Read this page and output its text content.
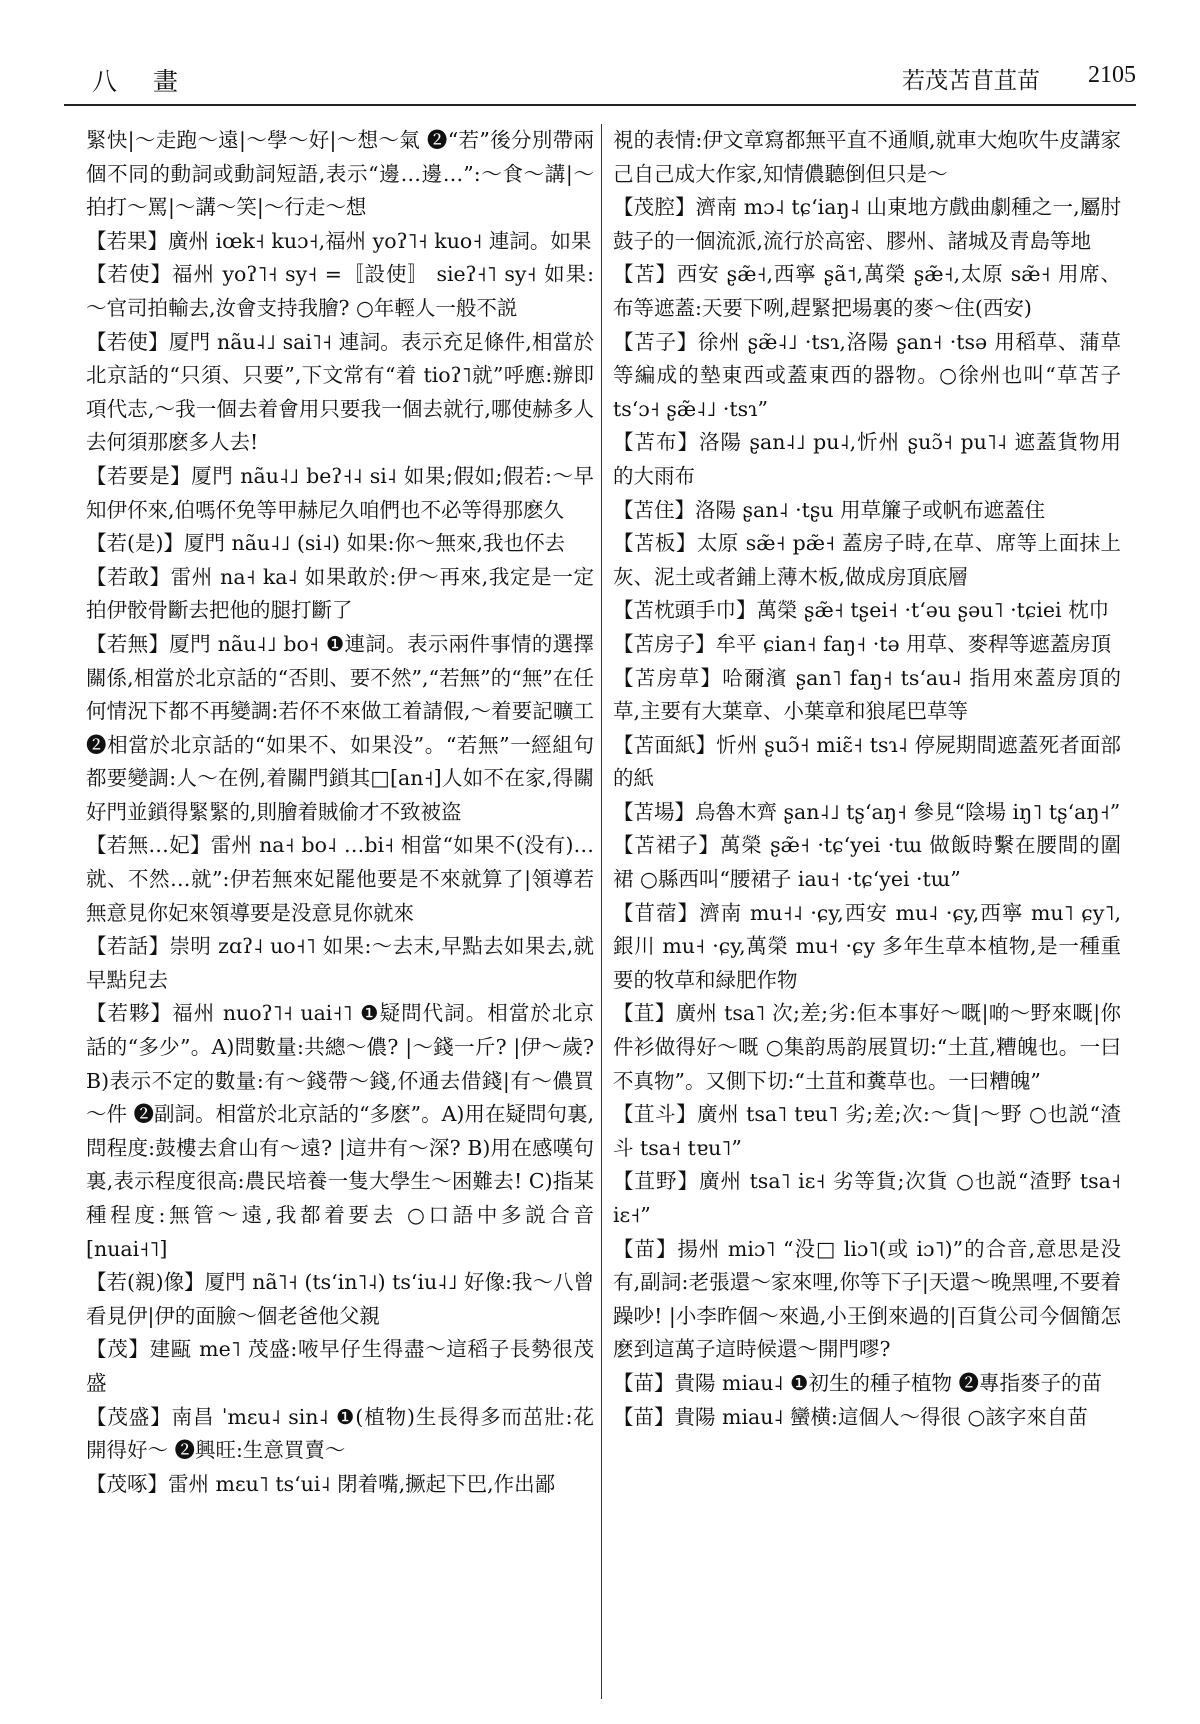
八 畫	若茂苫苜苴苗 2105
緊快|～走跑～遠|～學～好|～想～氣 ❷“若”後分別帶兩個不同的動詞或動詞短語,表示“邊…邊…”:～食～講|～拍打～罵|～講～笑|～行走～想
【若果】廣州 iœk˧ kuɔ˧,福州 yoʔ˥˧ kuo˧ 連詞。如果
【若使】福州 yoʔ˥˧ sy˧ =〚設使〛 sieʔ˧˥ sy˧ 如果:～官司拍輸去,汝會支持我膾? ○年輕人一般不説
【若使】厦門 nãu˨˩ sai˥˧ 連詞。表示充足條件,相當於北京話的“只須、只要”,下文常有“着 tioʔ˥就”呼應:辦即項代志,～我一個去着會用只要我一個去就行,哪使赫多人去何須那麽多人去!
【若要是】厦門 nãu˨˩ beʔ˧˨ si˨ 如果;假如;假若:～早知伊伓來,伯嗎伓免等甲赫尼久咱們也不必等得那麽久
【若(是)】厦門 nãu˨˩ (si˨) 如果:你～無來,我也伓去
【若敢】雷州 na˧ ka˨ 如果敢於:伊～再來,我定是一定拍伊骹骨斷去把他的腿打斷了
【若無】厦門 nãu˨˩ bo˧ ❶連詞。表示兩件事情的選擇關係,相當於北京話的“否則、要不然”,“若無”的“無”在任何情況下都不再變調:若伓不來做工着請假,～着要記曠工 ❷相當於北京話的“如果不、如果没”。“若無”一經組句都要變調:人～在例,着關門鎖其□[an˧]人如不在家,得關好門並鎖得緊緊的,則膾着賊偷才不致被盗
【若無…妃】雷州 na˧ bo˨ …bi˧ 相當“如果不(没有)…就、不然…就”:伊若無來妃罷他要是不來就算了|領導若無意見你妃來領導要是没意見你就來
【若話】崇明 zɑʔ˨ uo˧˥ 如果:～去末,早點去如果去,就早點兒去
【若夥】福州 nuoʔ˥˧ uai˧˥ ❶疑問代詞。相當於北京話的“多少”。A)問數量:共總～儂? |～錢一斤? |伊～歲? B)表示不定的數量:有～錢帶～錢,伓通去借錢|有～儂買～件 ❷副詞。相當於北京話的“多麽”。A)用在疑問句裏,問程度:鼓樓去倉山有～遠? |這井有～深? B)用在感嘆句裏,表示程度很高:農民培養一隻大學生～困難去! C)指某種程度:無管～遠,我都着要去 ○口語中多説合音[nuai˧˥]
【若(親)像】厦門 nã˥˧ (tsʻin˥˨) tsʻiu˨˩ 好像:我～八曾看見伊|伊的面臉～個老爸他父親
【茂】建甌 me˥ 茂盛:㖡早仔生得盡～這稻子長勢很茂盛
【茂盛】南昌 ˈmɛu˨ sin˨ ❶(植物)生長得多而茁壯:花開得好～ ❷興旺:生意買賣～
【茂啄】雷州 mɛu˥ tsʻui˨ 閉着嘴,撅起下巴,作出鄙
視的表情:伊文章寫都無平直不通順,就車大炮吹牛皮講家己自己成大作家,知情儂聽倒但只是～
【茂腔】濟南 mɔ˨ tɕʻiaŋ˨ 山東地方戲曲劇種之一,屬肘鼓子的一個流派,流行於高密、膠州、諸城及青島等地
【苫】西安 ʂæ̃˧,西寧 ʂã˦,萬榮 ʂæ̃˧,太原 sæ̃˧ 用席、布等遮蓋:天要下咧,趕緊把場裏的麥～住(西安)
【苫子】徐州 ʂæ̃˨˩ ·tsɿ,洛陽 ʂan˧ ·tsə 用稻草、蒲草等編成的墊東西或蓋東西的器物。○徐州也叫“草苫子 tsʻɔ˧ ʂæ̃˨˩ ·tsɿ”
【苫布】洛陽 ʂan˨˩ pu˨,忻州 ʂuɔ̃˧ pu˥˨ 遮蓋貨物用的大雨布
【苫住】洛陽 ʂan˨ ·tʂu 用草簾子或帆布遮蓋住
【苫板】太原 sæ̃˧ pæ̃˧ 蓋房子時,在草、席等上面抹上灰、泥土或者鋪上薄木板,做成房頂底層
【苫枕頭手巾】萬榮 ʂæ̃˧ tʂei˧ ·tʻəu ʂəu˥ ·tɕiei 枕巾
【苫房子】牟平 ɕian˧ faŋ˧ ·tə 用草、麥稈等遮蓋房頂
【苫房草】哈爾濱 ʂan˥ faŋ˧ tsʻau˨ 指用來蓋房頂的草,主要有大葉章、小葉章和狼尾巴草等
【苫面紙】忻州 ʂuɔ̃˧ miɛ̃˧ tsɿ˨ 停屍期間遮蓋死者面部的紙
【苫場】烏魯木齊 ʂan˨˩ tʂʻaŋ˧ 參見“陰場 iŋ˥ tʂʻaŋ˧”
【苫裙子】萬榮 ʂæ̃˧ ·tɕʻyei ·tɯ 做飯時繫在腰間的圍裙 ○縣西叫“腰裙子 iau˧ ·tɕʻyei ·tɯ”
【苜蓿】濟南 mu˧˨ ·ɕy,西安 mu˨ ·ɕy,西寧 mu˥ ɕy˥,銀川 mu˧ ·ɕy,萬榮 mu˧ ·ɕy 多年生草本植物,是一種重要的牧草和緑肥作物
【苴】廣州 tsa˥ 次;差;劣:佢本事好～嘅|啲～野來嘅|你件衫做得好～嘅 ○集韵馬韵展買切:“土苴,糟魄也。一曰不真物”。又側下切:“土苴和糞草也。一曰糟魄”
【苴斗】廣州 tsa˥ tɐu˥ 劣;差;次:～貨|～野 ○也説“渣斗 tsa˧ tɐu˥”
【苴野】廣州 tsa˥ iɛ˧ 劣等貨;次貨 ○也説“渣野 tsa˧ iɛ˧”
【苗】揚州 miɔ˥ “没□ liɔ˥(或 iɔ˥)”的合音,意思是没有,副詞:老張還～家來哩,你等下子|天還～晚黑哩,不要着躁吵! |小李昨個～來過,小王倒來過的|百貨公司今個簡怎麽到這萬子這時候還～開門嘐?
【苗】貴陽 miau˨ ❶初生的種子植物 ❷專指麥子的苗
【苗】貴陽 miau˨ 蠻横:這個人～得很 ○該字來自苗
